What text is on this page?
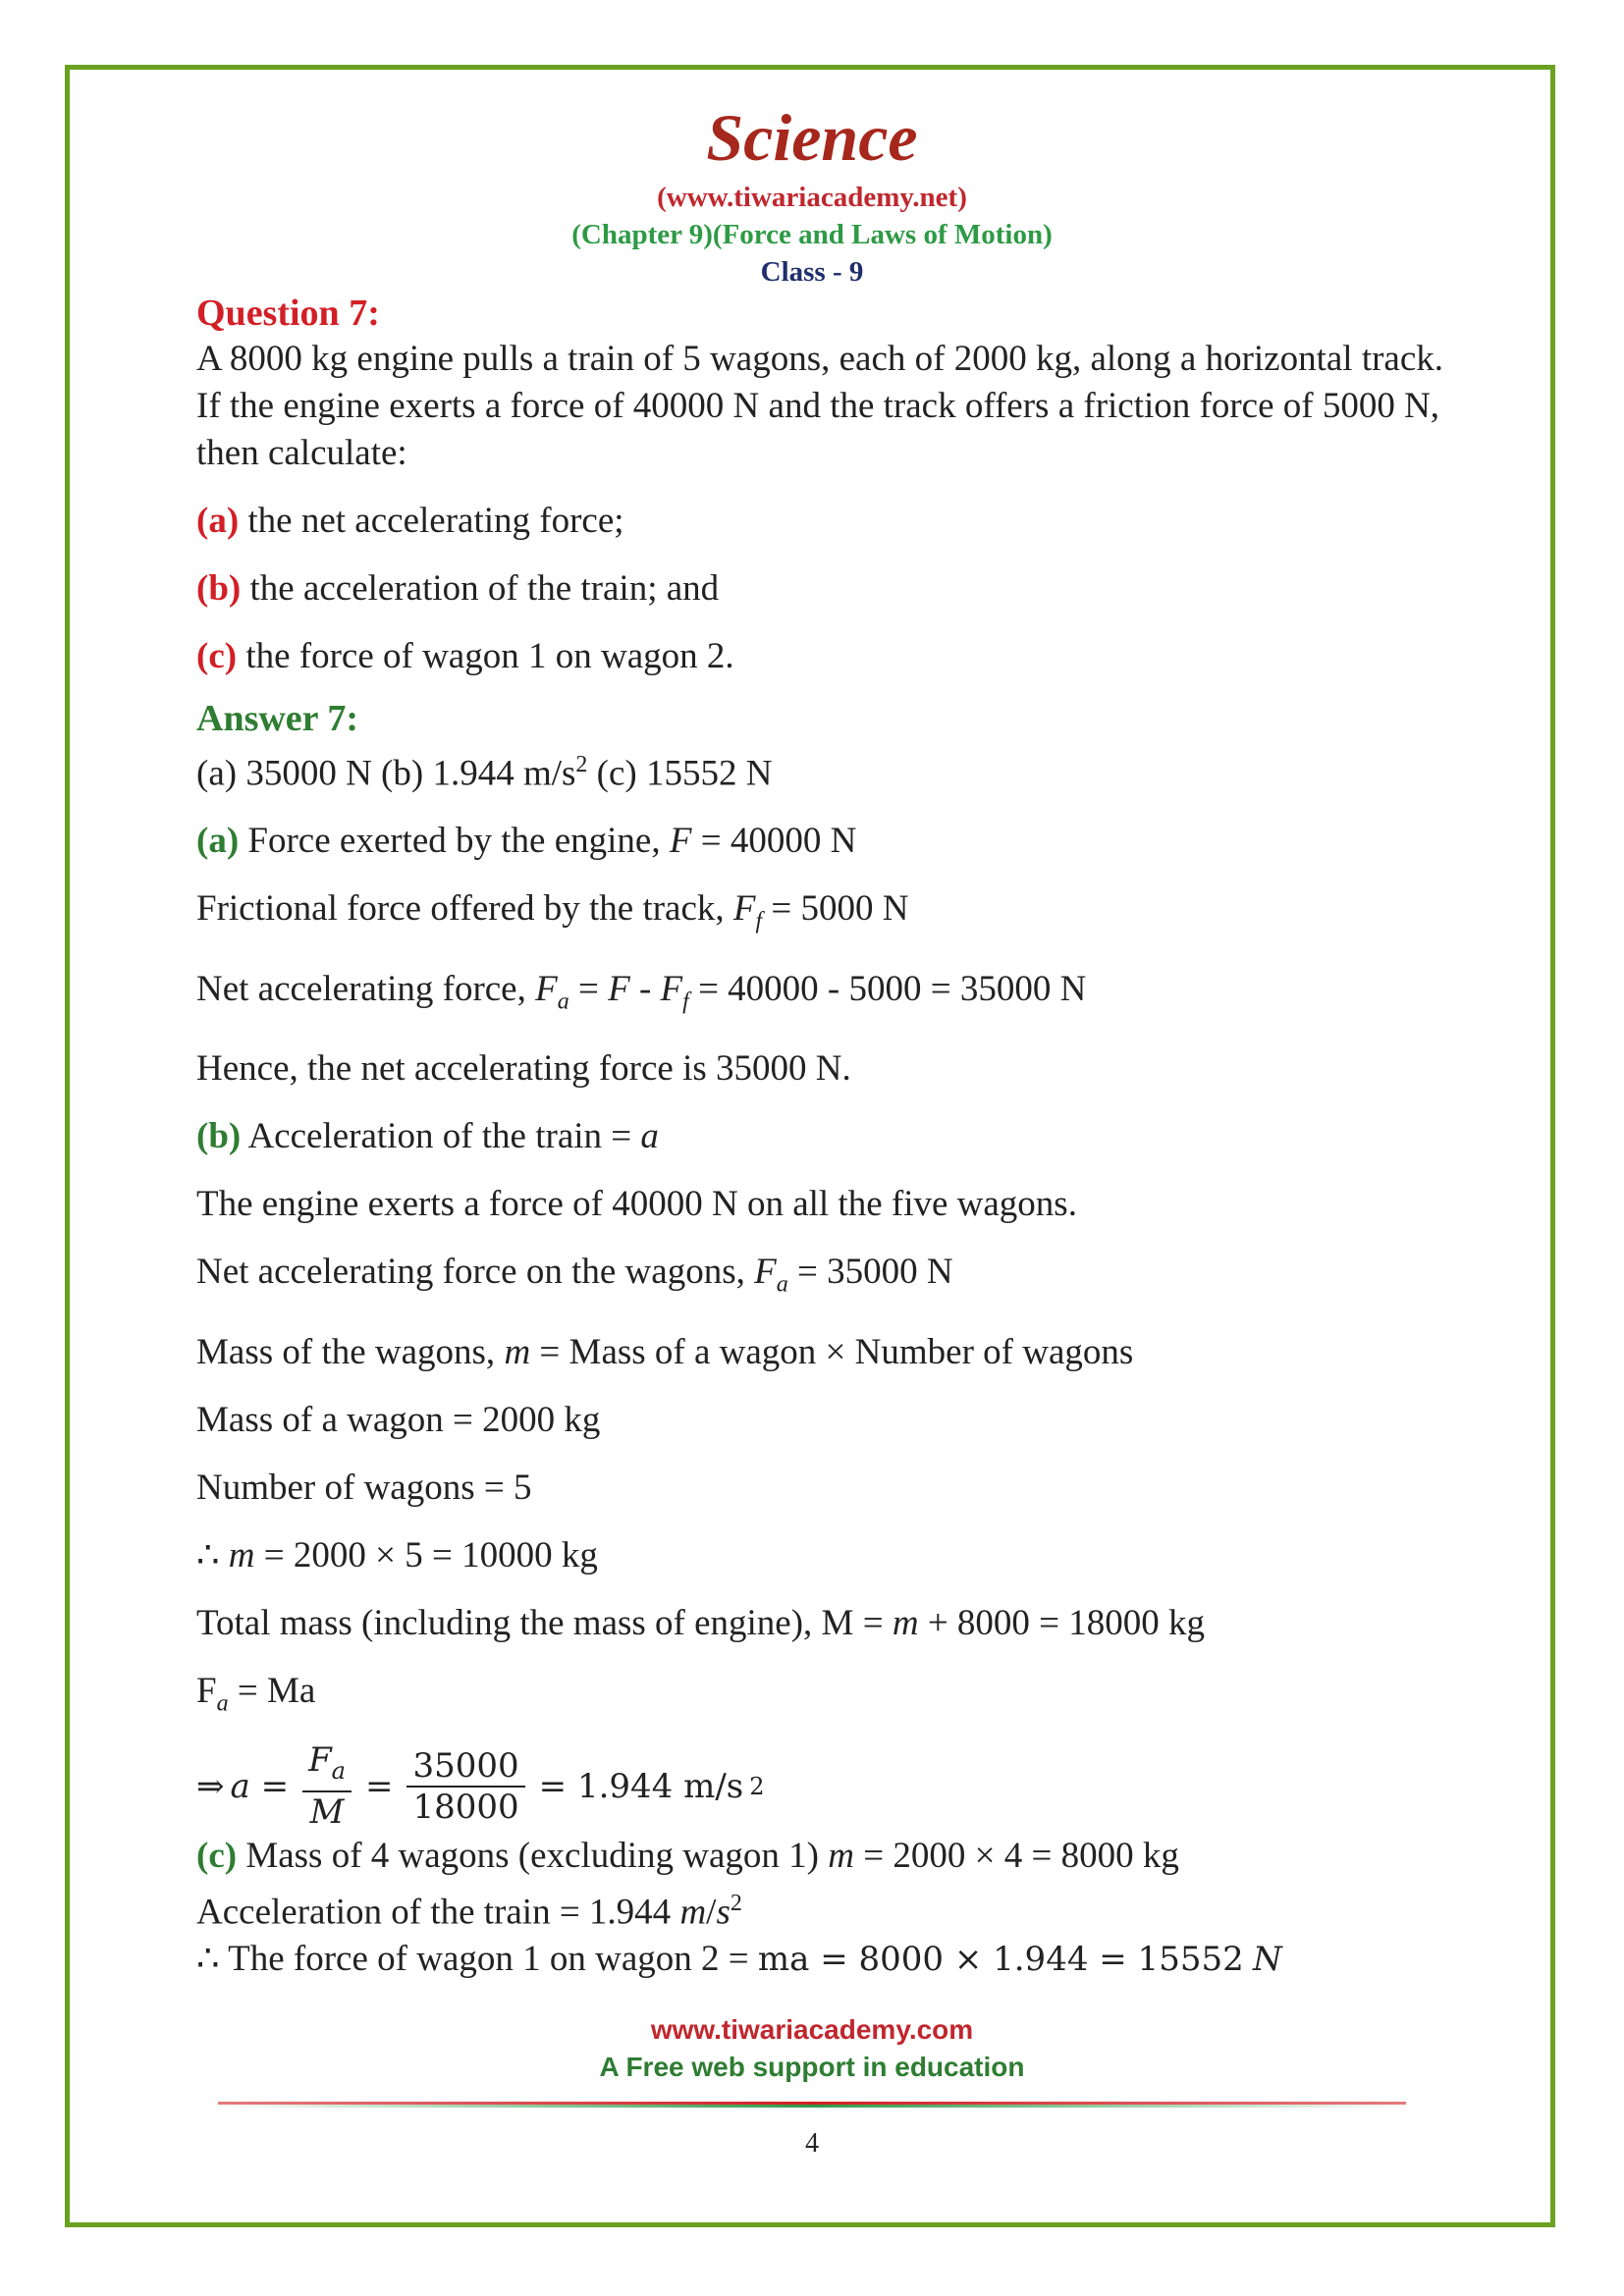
Science
(www.tiwariacademy.net)
(Chapter 9)(Force and Laws of Motion)
Class - 9
Question 7:
A 8000 kg engine pulls a train of 5 wagons, each of 2000 kg, along a horizontal track. If the engine exerts a force of 40000 N and the track offers a friction force of 5000 N, then calculate:
(a) the net accelerating force;
(b) the acceleration of the train; and
(c) the force of wagon 1 on wagon 2.
Answer 7:
(a) 35000 N (b) 1.944 $m/s^2$ (c) 15552 N
(a) Force exerted by the engine, F = 40000 N
Frictional force offered by the track, $F_f = 5000$ N
Net accelerating force, $F_a = F - F_f = 40000 - 5000 = 35000$ N
Hence, the net accelerating force is 35000 N.
(b) Acceleration of the train = a
The engine exerts a force of 40000 N on all the five wagons.
Net accelerating force on the wagons, $F_a = 35000$ N
Mass of the wagons, m = Mass of a wagon × Number of wagons
Mass of a wagon = 2000 kg
Number of wagons = 5
∴ m = 2000 × 5 = 10000 kg
Total mass (including the mass of engine), M = m + 8000 = 18000 kg
$F_a = Ma$
⇒ $a = \frac{F_a}{M} = \frac{35000}{18000} = 1.944$ m/s 2
(c) Mass of 4 wagons (excluding wagon 1) m = 2000 × 4 = 8000 kg
Acceleration of the train = 1.944 $m/s^2$
∴ The force of wagon 1 on wagon 2 = ma = 8000 × 1.944 = 15552 N
www.tiwariacademy.com
A Free web support in education
4
